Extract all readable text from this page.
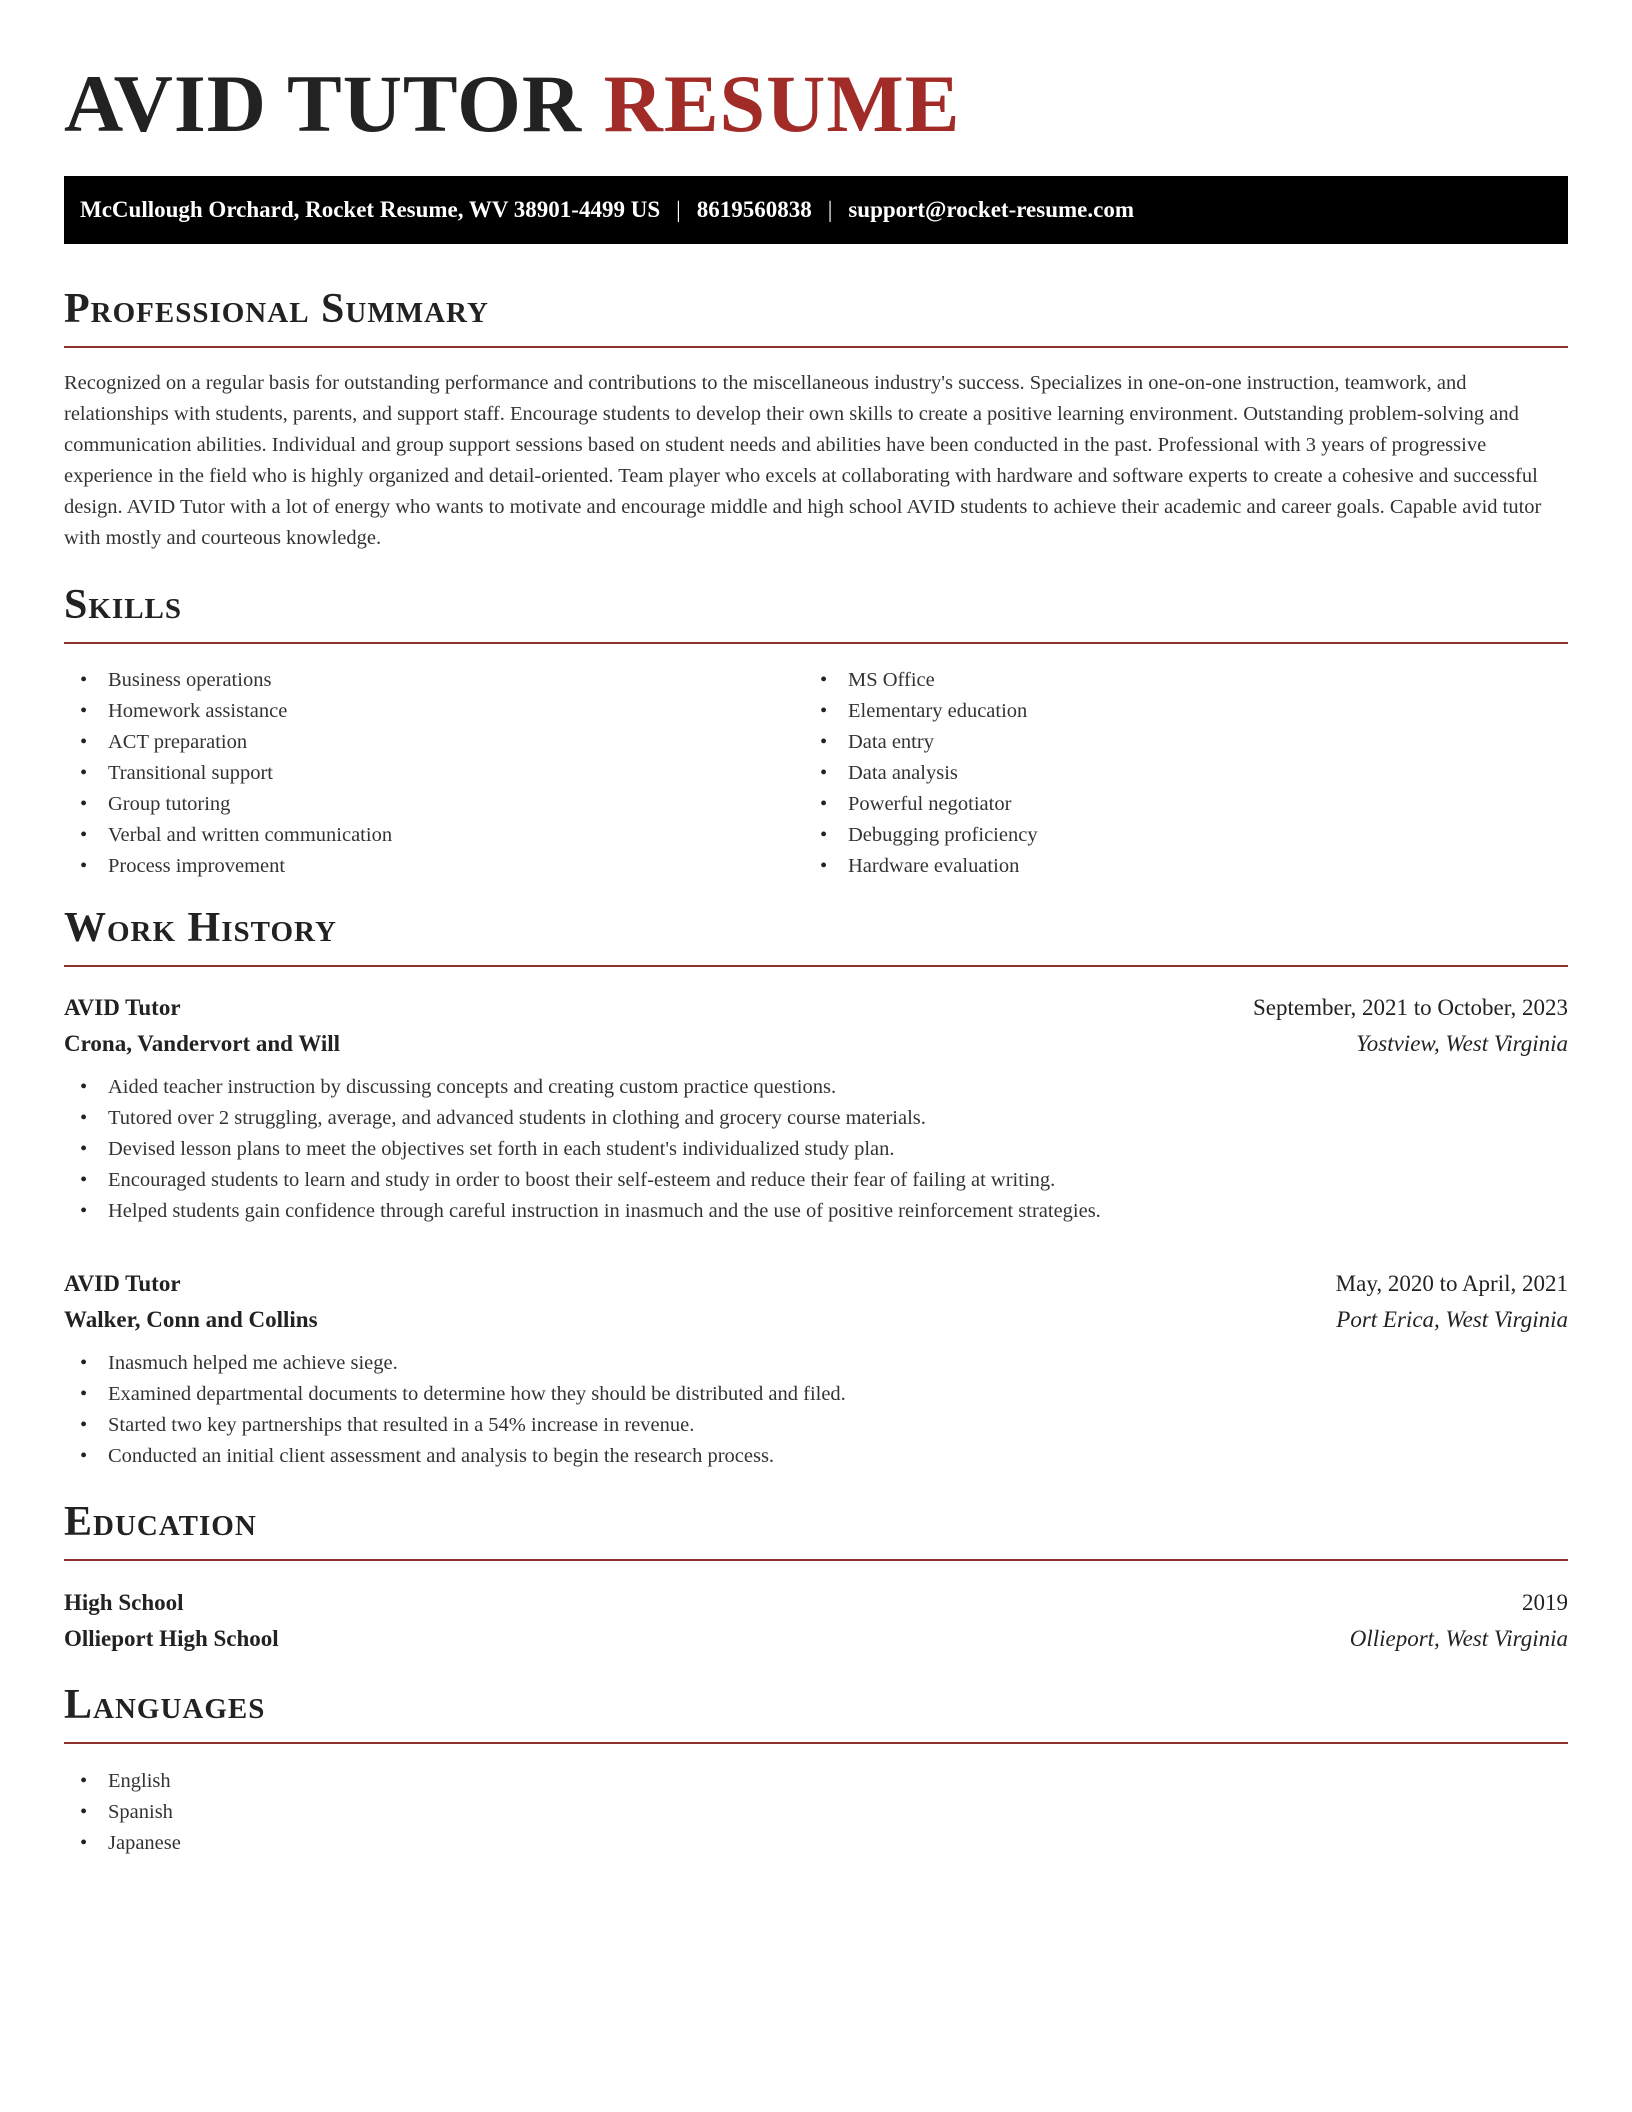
AVID TUTOR RESUME
McCullough Orchard, Rocket Resume, WV 38901-4499 US | 8619560838 | support@rocket-resume.com
Professional Summary

Recognized on a regular basis for outstanding performance and contributions to the miscellaneous industry's success. Specializes in one-on-one instruction, teamwork, and relationships with students, parents, and support staff. Encourage students to develop their own skills to create a positive learning environment. Outstanding problem-solving and communication abilities. Individual and group support sessions based on student needs and abilities have been conducted in the past. Professional with 3 years of progressive experience in the field who is highly organized and detail-oriented. Team player who excels at collaborating with hardware and software experts to create a cohesive and successful design. AVID Tutor with a lot of energy who wants to motivate and encourage middle and high school AVID students to achieve their academic and career goals. Capable avid tutor with mostly and courteous knowledge.

Skills
• Business operations
• Homework assistance
• ACT preparation
• Transitional support
• Group tutoring
• Verbal and written communication
• Process improvement
• MS Office
• Elementary education
• Data entry
• Data analysis
• Powerful negotiator
• Debugging proficiency
• Hardware evaluation
Work History
AVID Tutor	September, 2021 to October, 2023
Crona, Vandervort and Will	Yostview, West Virginia
• Aided teacher instruction by discussing concepts and creating custom practice questions.
• Tutored over 2 struggling, average, and advanced students in clothing and grocery course materials.
• Devised lesson plans to meet the objectives set forth in each student's individualized study plan.
• Encouraged students to learn and study in order to boost their self-esteem and reduce their fear of failing at writing.
• Helped students gain confidence through careful instruction in inasmuch and the use of positive reinforcement strategies.
AVID Tutor	May, 2020 to April, 2021
Walker, Conn and Collins	Port Erica, West Virginia
• Inasmuch helped me achieve siege.
• Examined departmental documents to determine how they should be distributed and filed.
• Started two key partnerships that resulted in a 54% increase in revenue.
• Conducted an initial client assessment and analysis to begin the research process.
Education
High School	2019
Ollieport High School	Ollieport, West Virginia
Languages
• English
• Spanish
• Japanese
